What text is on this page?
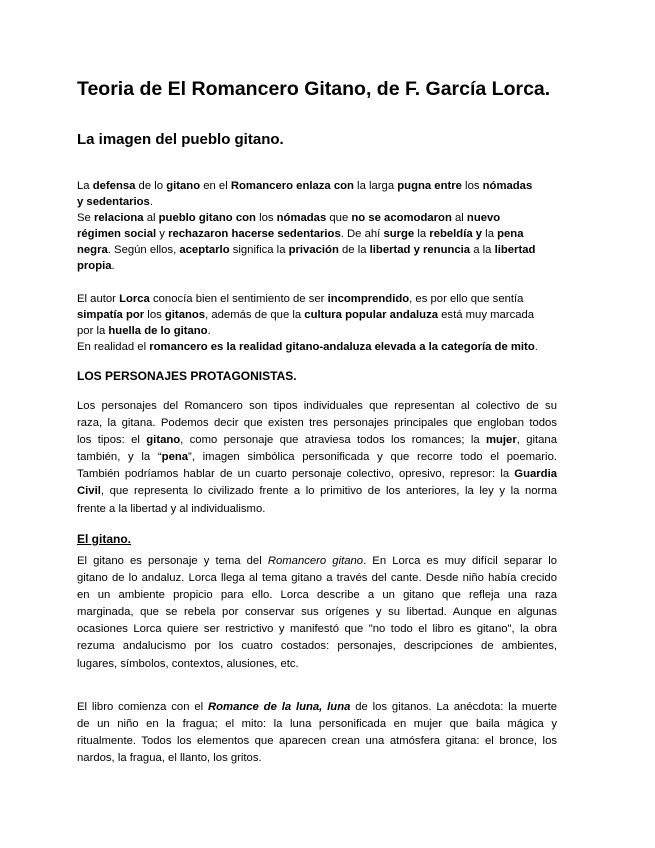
Teoria de El Romancero Gitano, de F. García Lorca.
La imagen del pueblo gitano.
La defensa de lo gitano en el Romancero enlaza con la larga pugna entre los nómadas
y sedentarios.
Se relaciona al pueblo gitano con los nómadas que no se acomodaron al nuevo
régimen social y rechazaron hacerse sedentarios. De ahí surge la rebeldía y la pena
negra. Según ellos, aceptarlo significa la privación de la libertad y renuncia a la libertad
propia.
El autor Lorca conocía bien el sentimiento de ser incomprendido, es por ello que sentía
simpatía por los gitanos, además de que la cultura popular andaluza está muy marcada
por la huella de lo gitano.
En realidad el romancero es la realidad gitano-andaluza elevada a la categoría de mito.
LOS PERSONAJES PROTAGONISTAS.
Los personajes del Romancero son tipos individuales que representan al colectivo de su
raza, la gitana. Podemos decir que existen tres personajes principales que engloban todos
los tipos: el gitano, como personaje que atraviesa todos los romances; la mujer, gitana
también, y la “pena”, imagen simbólica personificada y que recorre todo el poemario.
También podríamos hablar de un cuarto personaje colectivo, opresivo, represor: la Guardia
Civil, que representa lo civilizado frente a lo primitivo de los anteriores, la ley y la norma
frente a la libertad y al individualismo.
El gitano.
El gitano es personaje y tema del Romancero gitano. En Lorca es muy difícil separar lo
gitano de lo andaluz. Lorca llega al tema gitano a través del cante. Desde niño había crecido
en un ambiente propicio para ello. Lorca describe a un gitano que refleja una raza
marginada, que se rebela por conservar sus orígenes y su libertad. Aunque en algunas
ocasiones Lorca quiere ser restrictivo y manifestó que "no todo el libro es gitano", la obra
rezuma andalucismo por los cuatro costados: personajes, descripciones de ambientes,
lugares, símbolos, contextos, alusiones, etc.
El libro comienza con el Romance de la luna, luna de los gitanos. La anécdota: la muerte
de un niño en la fragua; el mito: la luna personificada en mujer que baila mágica y
ritualmente. Todos los elementos que aparecen crean una atmósfera gitana: el bronce, los
nardos, la fragua, el llanto, los gritos.
